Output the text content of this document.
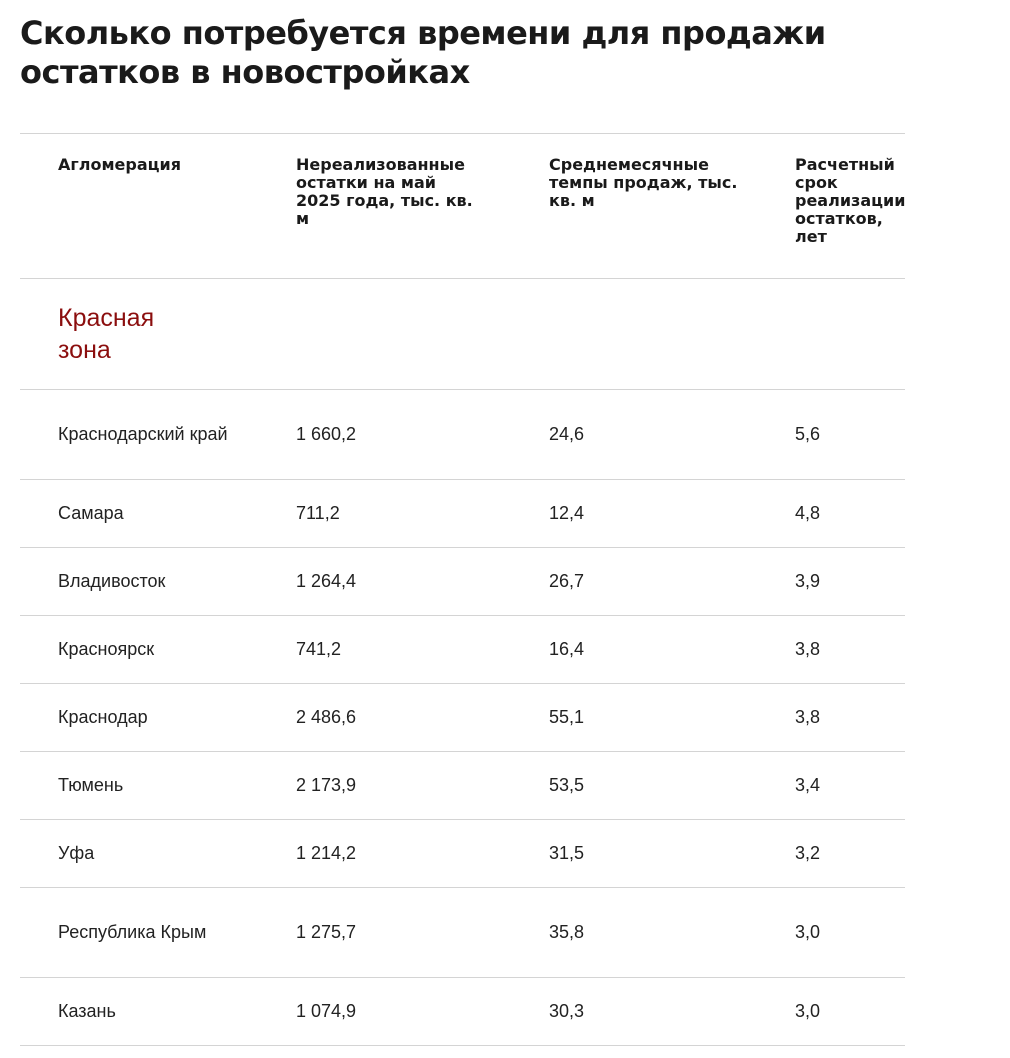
Сколько потребуется времени для продажи остатков в новостройках
Агломерация	Нереализованные остатки на май 2025 года, тыс. кв. м	Среднемесячные темпы продаж, тыс. кв. м	Расчетный срок реализации остатков, лет

Красная зона			

Краснодарский край	1 660,2	24,6	5,6

Самара	711,2	12,4	4,8

Владивосток	1 264,4	26,7	3,9

Красноярск	741,2	16,4	3,8

Краснодар	2 486,6	55,1	3,8

Тюмень	2 173,9	53,5	3,4

Уфа	1 214,2	31,5	3,2

Республика Крым	1 275,7	35,8	3,0

Казань	1 074,9	30,3	3,0
